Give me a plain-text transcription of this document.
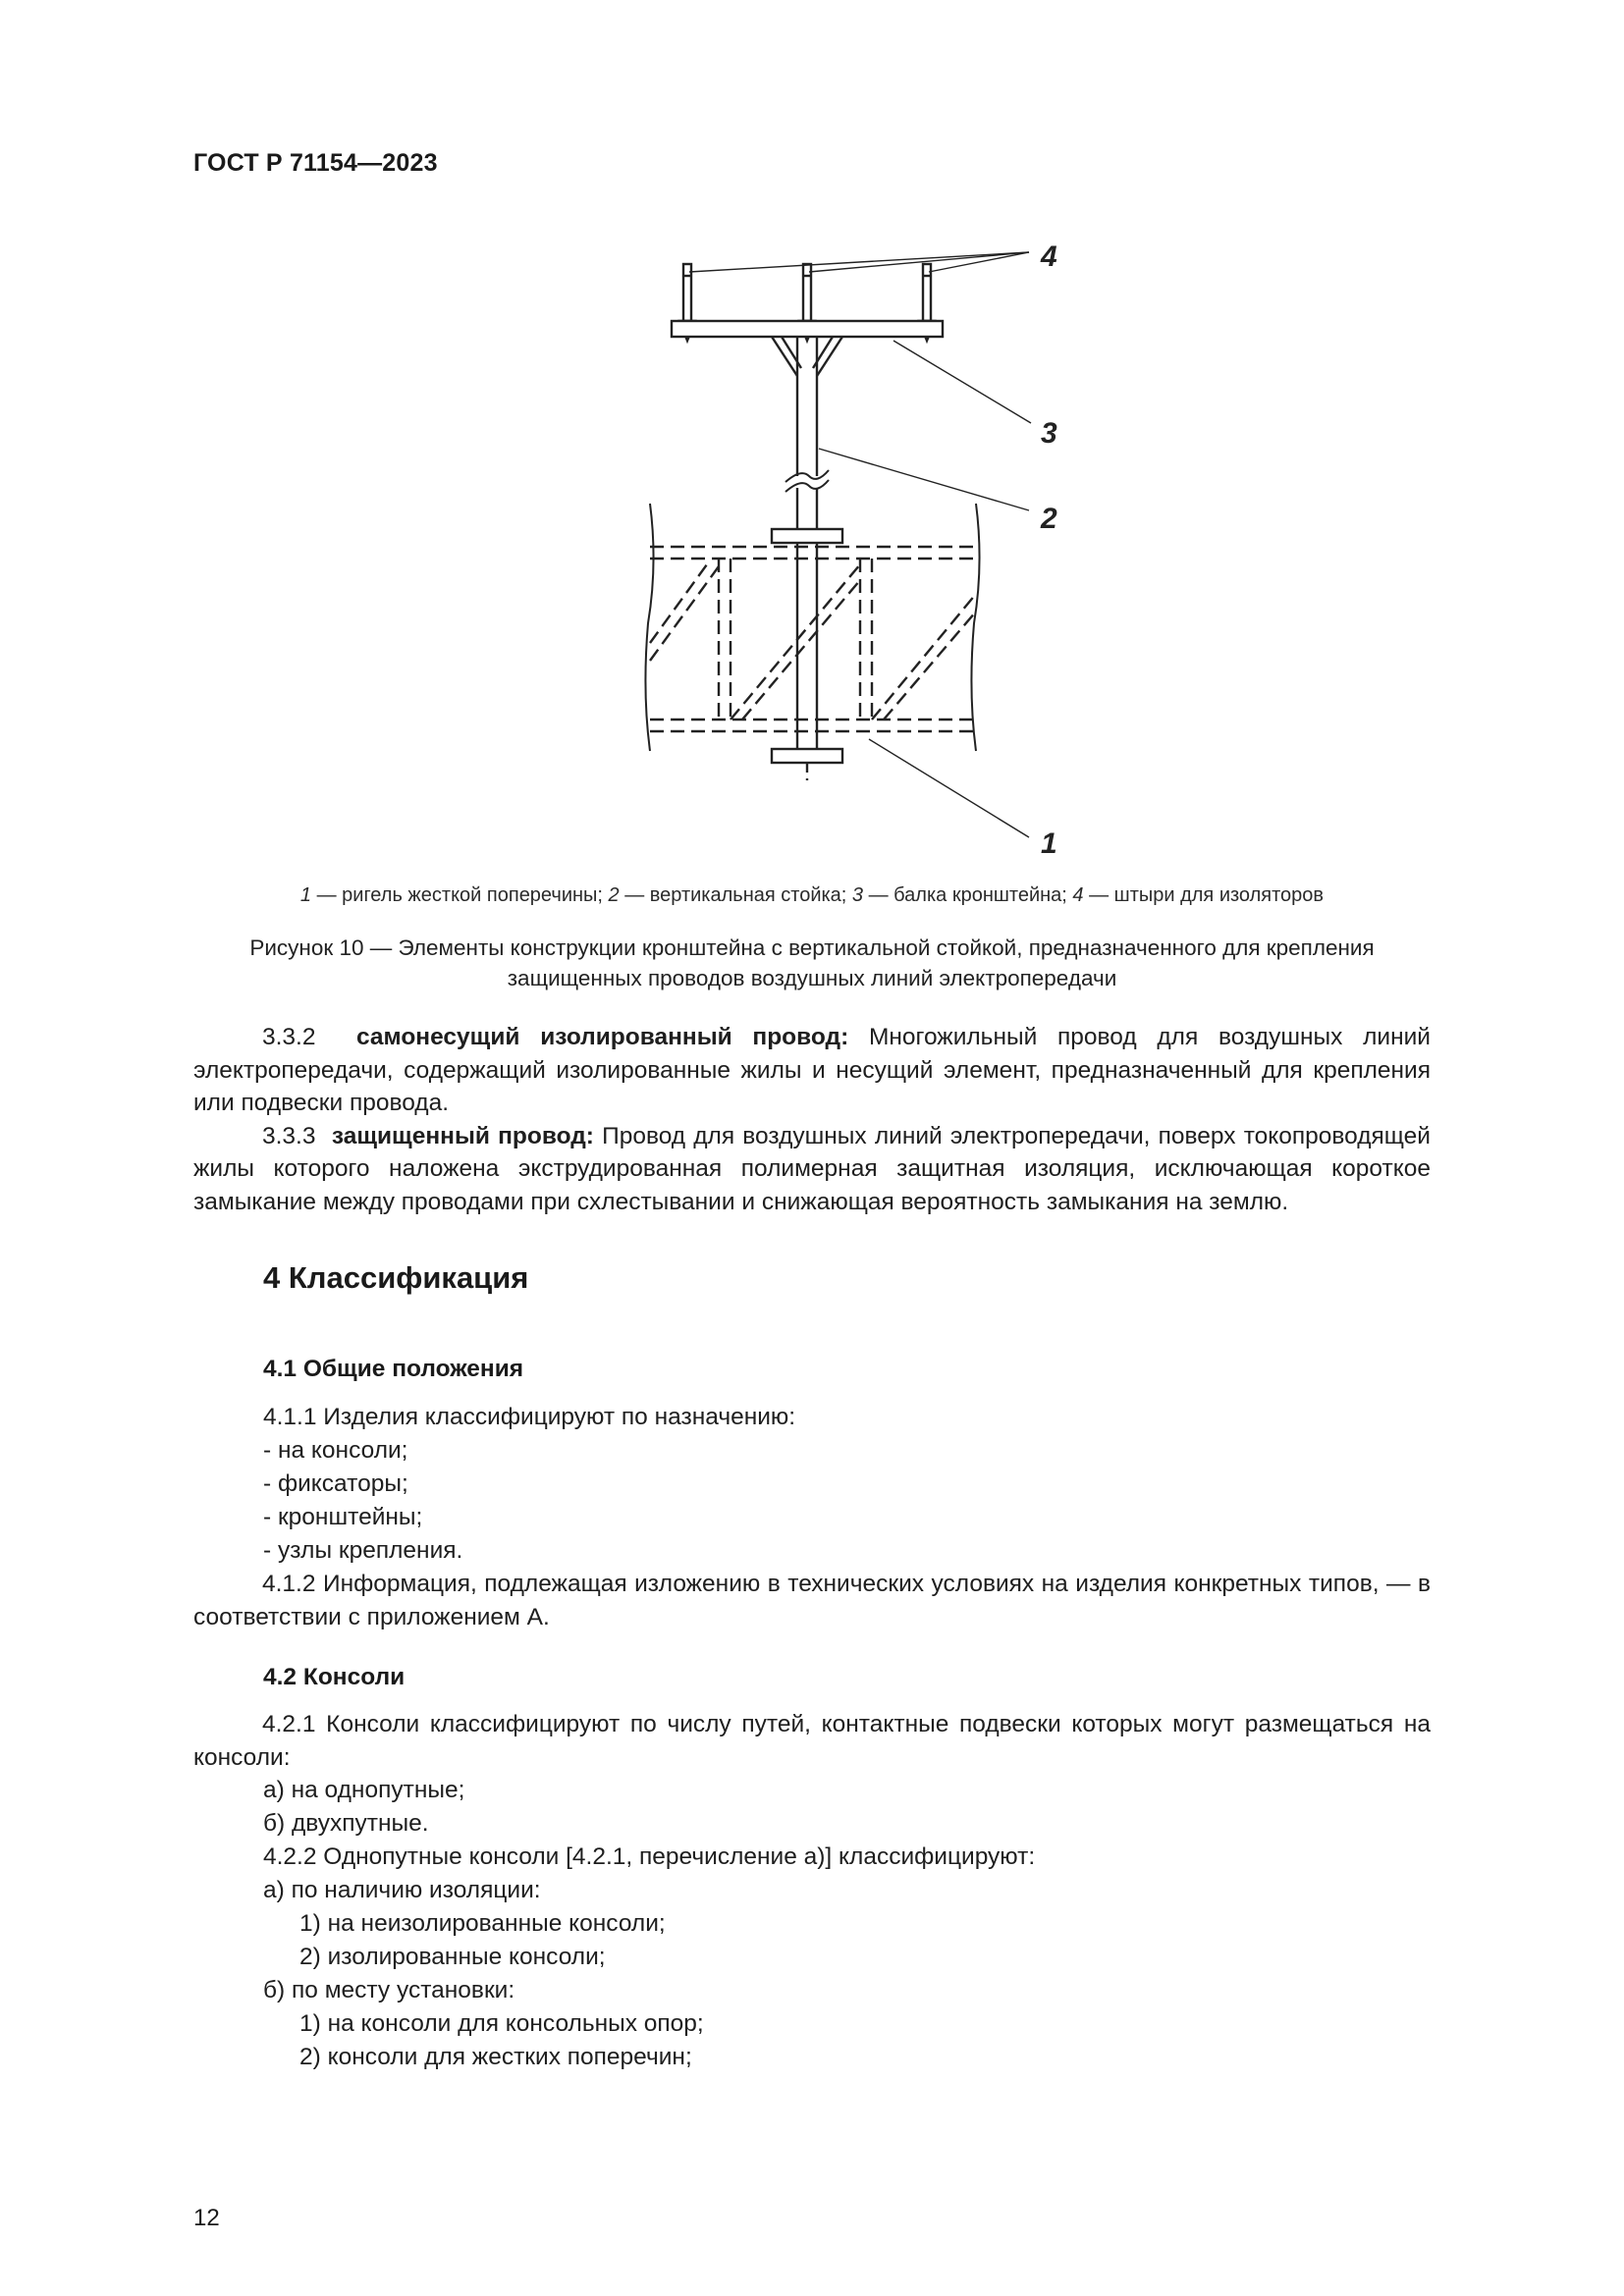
ГОСТ Р 71154—2023
4
3
2
1
1 — ригель жесткой поперечины; 2 — вертикальная стойка; 3 — балка кронштейна; 4 — штыри для изоляторов
Рисунок 10 — Элементы конструкции кронштейна с вертикальной стойкой, предназначенного для крепления
защищенных проводов воздушных линий электропередачи

3.3.2 самонесущий изолированный провод: Многожильный провод для воздушных линий электропередачи, содержащий изолированные жилы и несущий элемент, предназначенный для крепления или подвески провода.

3.3.3 защищенный провод: Провод для воздушных линий электропередачи, поверх токопроводящей жилы которого наложена экструдированная полимерная защитная изоляция, исключающая короткое замыкание между проводами при схлестывании и снижающая вероятность замыкания на землю.

4 Классификация
4.1 Общие положения
4.1.1 Изделия классифицируют по назначению:
- на консоли;
- фиксаторы;
- кронштейны;
- узлы крепления.

4.1.2 Информация, подлежащая изложению в технических условиях на изделия конкретных типов, — в соответствии с приложением А.

4.2 Консоли

4.2.1 Консоли классифицируют по числу путей, контактные подвески которых могут размещаться на консоли:

а) на однопутные;
б) двухпутные.
4.2.2 Однопутные консоли [4.2.1, перечисление а)] классифицируют:
а) по наличию изоляции:
1) на неизолированные консоли;
2) изолированные консоли;
б) по месту установки:
1) на консоли для консольных опор;
2) консоли для жестких поперечин;
12
